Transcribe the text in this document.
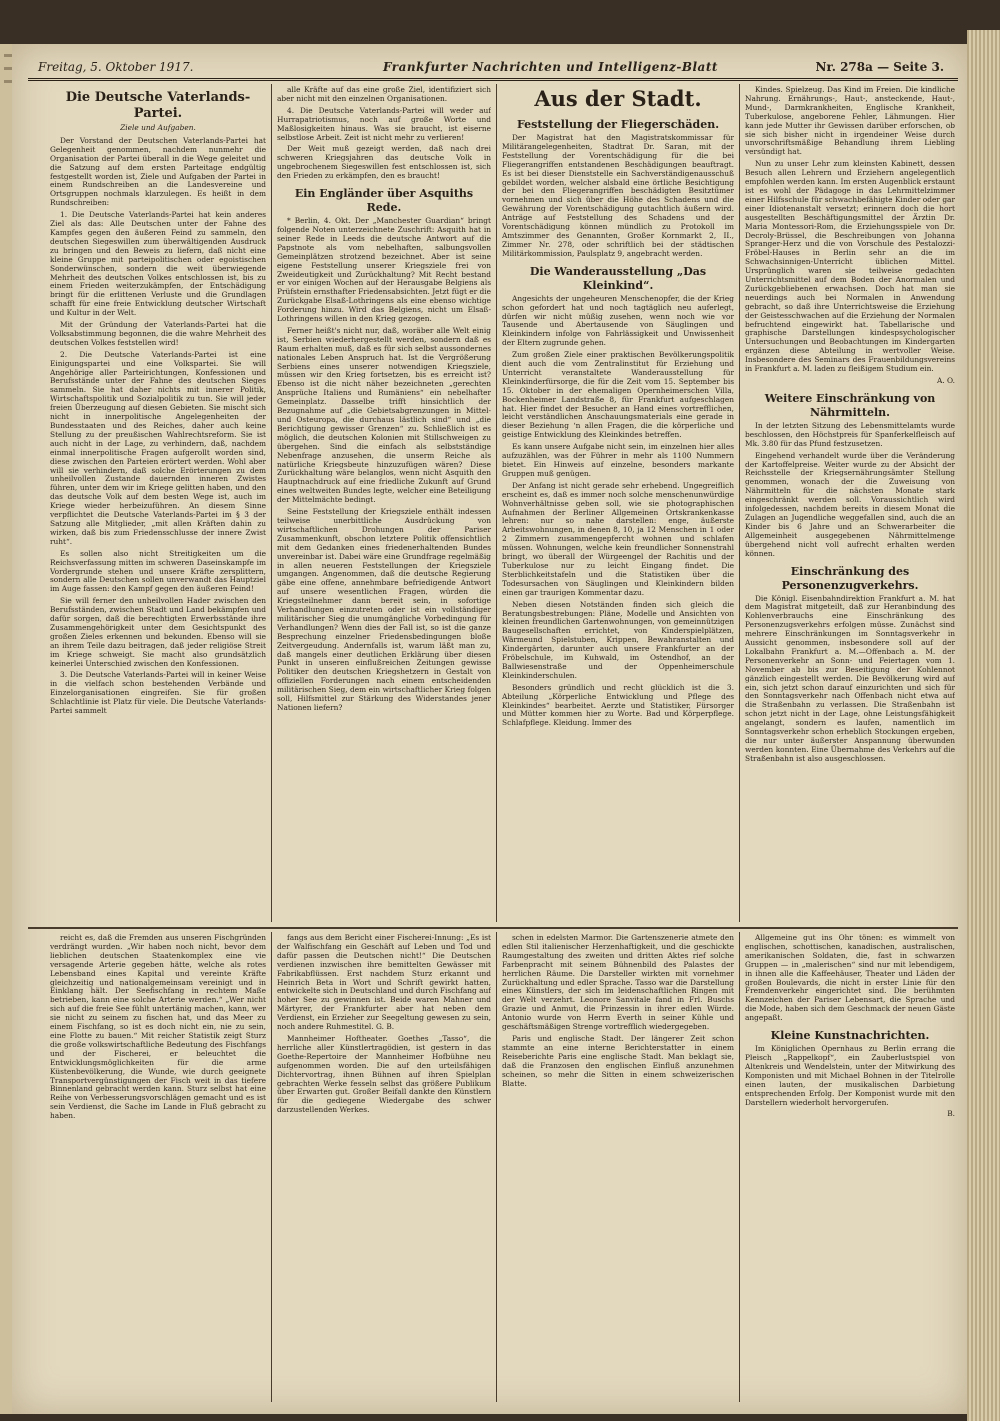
Freitag, 5. Oktober 1917.	Frankfurter Nachrichten und Intelligenz-Blatt	Nr. 278a — Seite 3.
Die Deutsche Vaterlands-Partei.
Ziele und Aufgaben.

Der Vorstand der Deutschen Vaterlands-Partei hat Gelegenheit genommen, nachdem nunmehr die Organisation der Partei überall in die Wege geleitet und die Satzung auf dem ersten Parteitage endgültig festgestellt worden ist, Ziele und Aufgaben der Partei in einem Rundschreiben an die Landesvereine und Ortsgruppen nochmals klarzulegen. Es heißt in dem Rundschreiben:

1. Die Deutsche Vaterlands-Partei hat kein anderes Ziel als das: Alle Deutschen unter der Fahne des Kampfes gegen den äußeren Feind zu sammeln, den deutschen Siegeswillen zum überwältigenden Ausdruck zu bringen und den Beweis zu liefern, daß nicht eine kleine Gruppe mit parteipolitischen oder egoistischen Sonderwünschen, sondern die weit überwiegende Mehrheit des deutschen Volkes entschlossen ist, bis zu einem Frieden weiterzukämpfen, der Entschädigung bringt für die erlittenen Verluste und die Grundlagen schafft für eine freie Entwicklung deutscher Wirtschaft und Kultur in der Welt.

Mit der Gründung der Vaterlands-Partei hat die Volksabstimmung begonnen, die die wahre Mehrheit des deutschen Volkes feststellen wird!

2. Die Deutsche Vaterlands-Partei ist eine Einigungspartei und eine Volkspartei. Sie will Angehörige aller Parteirichtungen, Konfessionen und Berufsstände unter der Fahne des deutschen Sieges sammeln. Sie hat daher nichts mit innerer Politik, Wirtschaftspolitik und Sozialpolitik zu tun. Sie will jeder freien Überzeugung auf diesen Gebieten. Sie mischt sich nicht in innerpolitische Angelegenheiten der Bundesstaaten und des Reiches, daher auch keine Stellung zu der preußischen Wahlrechtsreform. Sie ist auch nicht in der Lage, zu verhindern, daß, nachdem einmal innerpolitische Fragen aufgerollt worden sind, diese zwischen den Parteien erörtert werden. Wohl aber will sie verhindern, daß solche Erörterungen zu dem unheilvollen Zustande dauernden inneren Zwistes führen, unter dem wir im Kriege gelitten haben, und den das deutsche Volk auf dem besten Wege ist, auch im Kriege wieder herbeizuführen. An diesem Sinne verpflichtet die Deutsche Vaterlands-Partei im § 3 der Satzung alle Mitglieder, „mit allen Kräften dahin zu wirken, daß bis zum Friedensschlusse der innere Zwist ruht“.

Es sollen also nicht Streitigkeiten um die Reichsverfassung mitten im schweren Daseinskampfe im Vordergrunde stehen und unsere Kräfte zersplittern, sondern alle Deutschen sollen unverwandt das Hauptziel im Auge fassen: den Kampf gegen den äußeren Feind!

Sie will ferner den unheilvollen Hader zwischen den Berufsständen, zwischen Stadt und Land bekämpfen und dafür sorgen, daß die berechtigten Erwerbsstände ihre Zusammengehörigkeit unter dem Gesichtspunkt des großen Zieles erkennen und bekunden. Ebenso will sie an ihrem Teile dazu beitragen, daß jeder religiöse Streit im Kriege schweigt. Sie macht also grundsätzlich keinerlei Unterschied zwischen den Konfessionen.

3. Die Deutsche Vaterlands-Partei will in keiner Weise in die vielfach schon bestehenden Verbände und Einzelorganisationen eingreifen. Sie für großen Schlachtlinie ist Platz für viele. Die Deutsche Vaterlands-Partei sammelt

alle Kräfte auf das eine große Ziel, identifiziert sich aber nicht mit den einzelnen Organisationen.

4. Die Deutsche Vaterlands-Partei will weder auf Hurrapatriotismus, noch auf große Worte und Maßlosigkeiten hinaus. Was sie braucht, ist eiserne selbstlose Arbeit. Zeit ist nicht mehr zu verlieren!

Der Weit muß gezeigt werden, daß nach drei schweren Kriegsjahren das deutsche Volk in ungebrochenem Siegeswillen fest entschlossen ist, sich den Frieden zu erkämpfen, den es braucht!

Ein Engländer über Asquiths Rede.

* Berlin, 4. Okt. Der „Manchester Guardian“ bringt folgende Noten unterzeichnete Zuschrift: Asquith hat in seiner Rede in Leeds die deutsche Antwort auf die Papstnote als vom nebelhaften, salbungsvollen Gemeinplätzen strotzend bezeichnet. Aber ist seine eigene Feststellung unserer Kriegsziele frei von Zweideutigkeit und Zurückhaltung? Mit Recht bestand er vor einigen Wochen auf der Herausgabe Belgiens als Prüfstein ernsthafter Friedensabsichten. Jetzt fügt er die Zurückgabe Elsaß-Lothringens als eine ebenso wichtige Forderung hinzu. Wird das Belgiens, nicht um Elsaß-Lothringens willen in den Krieg gezogen.

Ferner heißt's nicht nur, daß, woräber alle Welt einig ist, Serbien wiederhergestellt werden, sondern daß es Raum erhalten muß, daß es für sich selbst aussondernes nationales Leben Anspruch hat. Ist die Vergrößerung Serbiens eines unserer notwendigen Kriegsziele, müssen wir den Krieg fortsetzen, bis es erreicht ist? Ebenso ist die nicht näher bezeichneten „gerechten Ansprüche Italiens und Rumäniens“ ein nebelhafter Gemeinplatz. Dasselbe trifft hinsichtlich der Bezugnahme auf „die Gebietsabgrenzungen in Mittel- und Osteuropa, die durchaus lästlich sind“ und „die Berichtigung gewisser Grenzen“ zu. Schließlich ist es möglich, die deutschen Kolonien mit Stillschweigen zu übergehen. Sind die einfach als selbstständige Nebenfrage anzusehen, die unserm Reiche als natürliche Kriegsbeute hinzuzufügen wären? Diese Zurückhaltung wäre belanglos, wenn nicht Asquith den Hauptnachdruck auf eine friedliche Zukunft auf Grund eines weltweiten Bundes legte, welcher eine Beteiligung der Mittelmächte bedingt.

Seine Feststellung der Kriegsziele enthält indessen teilweise unerbittliche Ausdrückung von wirtschaftlichen Drohungen der Pariser Zusammenkunft, obschon letztere Politik offensichtlich mit dem Gedanken eines friedenerhaltenden Bundes unvereinbar ist. Dabei wäre eine Grundfrage regelmäßig in allen neueren Feststellungen der Kriegsziele umgangen. Angenommen, daß die deutsche Regierung gäbe eine offene, annehmbare befriedigende Antwort auf unsere wesentlichen Fragen, würden die Kriegsteilnehmer dann bereit sein, in sofortige Verhandlungen einzutreten oder ist ein vollständiger militärischer Sieg die unumgängliche Vorbedingung für Verhandlungen? Wenn dies der Fall ist, so ist die ganze Besprechung einzelner Friedensbedingungen bloße Zeitvergeudung. Andernfalls ist, warum läßt man zu, daß mangels einer deutlichen Erklärung über diesen Punkt in unseren einflußreichen Zeitungen gewisse Politiker den deutschen Kriegshetzern in Gestalt von offiziellen Forderungen nach einem entscheidenden militärischen Sieg, dem ein wirtschaftlicher Krieg folgen soll, Hilfsmittel zur Stärkung des Widerstandes jener Nationen liefern?

Aus der Stadt.
Feststellung der Fliegerschäden.

Der Magistrat hat den Magistratskommissar für Militärangelegenheiten, Stadtrat Dr. Saran, mit der Feststellung der Vorentschädigung für die bei Fliegerangriffen entstandenen Beschädigungen beauftragt. Es ist bei dieser Dienststelle ein Sachverständigenausschuß gebildet worden, welcher alsbald eine örtliche Besichtigung der bei den Fliegerangriffen beschädigten Besitztümer vornehmen und sich über die Höhe des Schadens und die Gewährung der Vorentschädigung gutachtlich äußern wird. Anträge auf Feststellung des Schadens und der Vorentschädigung können mündlich zu Protokoll im Amtszimmer des Genannten, Großer Kornmarkt 2, II., Zimmer Nr. 278, oder schriftlich bei der städtischen Militärkommission, Paulsplatz 9, angebracht werden.

Die Wanderausstellung „Das Kleinkind“.

Angesichts der ungeheuren Menschenopfer, die der Krieg schon gefordert hat und noch tagtäglich neu auferlegt, dürfen wir nicht müßig zusehen, wenn noch wie vor Tausende und Abertausende von Säuglingen und Kleinkindern infolge von Fahrlässigkeit und Unwissenheit der Eltern zugrunde gehen.

Zum großen Ziele einer praktischen Bevölkerungspolitik dient auch die vom Zentralinstitut für Erziehung und Unterricht veranstaltete Wanderausstellung für Kleinkinderfürsorge, die für die Zeit vom 15. September bis 15. Oktober in der ehemaligen Opernheimerschen Villa, Bockenheimer Landstraße 8, für Frankfurt aufgeschlagen hat. Hier findet der Besucher an Hand eines vortrefflichen, leicht verständlichen Anschauungsmaterials eine gerade in dieser Beziehung ‘n allen Fragen, die die körperliche und geistige Entwicklung des Kleinkindes betreffen.

Es kann unsere Aufgabe nicht sein, im einzelnen hier alles aufzuzählen, was der Führer in mehr als 1100 Nummern bietet. Ein Hinweis auf einzelne, besonders markante Gruppen muß genügen.

Der Anfang ist nicht gerade sehr erhebend. Ungegreiflich erscheint es, daß es immer noch solche menschenunwürdige Wohnverhältnisse geben soll, wie sie photographischen Aufnahmen der Berliner Allgemeinen Ortskrankenkasse lehren: nur so nahe darstellen: enge, äußerste Arbeitswohnungen, in denen 8, 10, ja 12 Menschen in 1 oder 2 Zimmern zusammengepfercht wohnen und schlafen müssen. Wohnungen, welche kein freundlicher Sonnenstrahl bringt, wo überall der Würgeengel der Rachitis und der Tuberkulose nur zu leicht Eingang findet. Die Sterblichkeitstafeln und die Statistiken über die Todesursachen von Säuglingen und Kleinkindern bilden einen gar traurigen Kommentar dazu.

Neben diesen Notständen finden sich gleich die Beratungsbestrebungen: Pläne, Modelle und Ansichten von kleinen freundlichen Gartenwohnungen, von gemeinnützigen Baugesellschaften errichtet, von Kinderspielplätzen, Wärmeund Spielstuben, Krippen, Bewahranstalten und Kindergärten, darunter auch unsere Frankfurter an der Fröbelschule, im Kuhwald, im Ostendhof, an der Ballwiesenstraße und der Oppenheimerschule Kleinkinderschulen.

Besonders gründlich und recht glücklich ist die 3. Abteilung „Körperliche Entwicklung und Pflege des Kleinkindes“ bearbeitet. Aerzte und Statistiker, Fürsorger und Mütter kommen hier zu Worte. Bad und Körperpflege. Schlafpflege. Kleidung. Immer des

Kindes. Spielzeug. Das Kind im Freien. Die kindliche Nahrung. Ernährungs-, Haut-, ansteckende, Haut-, Mund-, Darmkrankheiten, Englische Krankheit, Tuberkulose, angeborene Fehler, Lähmungen. Hier kann jede Mutter ihr Gewissen darüber erforschen, ob sie sich bisher nicht in irgendeiner Weise durch unvorschriftsmäßige Behandlung ihrem Liebling versündigt hat.

Nun zu unser Lehr zum kleinsten Kabinett, dessen Besuch allen Lehrern und Erziehern angelegentlich empfohlen werden kann. Im ersten Augenblick erstaunt ist es wohl der Pädagoge in das Lehrmittelzimmer einer Hilfsschule für schwachbefähigte Kinder oder gar einer Idiotenanstalt versetzt; erinnern doch die hort ausgestellten Beschäftigungsmittel der Ärztin Dr. Maria Montessori-Rom, die Erziehungsspiele von Dr. Decroly-Brüssel, die Beschreibungen von Johanna Spranger-Herz und die von Vorschule des Pestalozzi-Fröbel-Hauses in Berlin sehr an die im Schwachsinnigen-Unterricht üblichen Mittel. Ursprünglich waren sie teilweise gedachten Unterrichtsmittel auf dem Boden der Anormalen und Zurückgebliebenen erwachsen. Doch hat man sie neuerdings auch bei Normalen in Anwendung gebracht, so daß ihre Unterrichtsweise die Erziehung der Geistesschwachen auf die Erziehung der Normalen befruchtend eingewirkt hat. Tabellarische und graphische Darstellungen kindespsychologischer Untersuchungen und Beobachtungen im Kindergarten ergänzen diese Abteilung in wertvoller Weise. Insbesondere des Seminars des Frauenbildungsvereins in Frankfurt a. M. laden zu fleißigem Studium ein.

A. O.
Weitere Einschränkung von Nährmitteln.

In der letzten Sitzung des Lebensmittelamts wurde beschlossen, den Höchstpreis für Spanferkelfleisch auf Mk. 3.80 für das Pfund festzusetzen.

Eingehend verhandelt wurde über die Veränderung der Kartoffelpreise. Weiter wurde zu der Absicht der Reichsstelle der Kriegsernährungsämter Stellung genommen, wonach der die Zuweisung von Nährmitteln für die nächsten Monate stark eingeschränkt werden soll. Voraussichtlich wird infolgedessen, nachdem bereits in diesem Monat die Zulagen an Jugendliche weggefallen sind, auch die an Kinder bis 6 Jahre und an Schwerarbeiter die Allgemeinheit ausgegebenen Nährmittelmenge übergehend nicht voll aufrecht erhalten werden können.

Einschränkung des Personenzugverkehrs.

Die Königl. Eisenbahndirektion Frankfurt a. M. hat dem Magistrat mitgeteilt, daß zur Heranbindung des Kohlenverbrauchs eine Einschränkung des Personenzugsverkehrs erfolgen müsse. Zunächst sind mehrere Einschränkungen im Sonntagsverkehr in Aussicht genommen, insbesondere soll auf der Lokalbahn Frankfurt a. M.—Offenbach a. M. der Personenverkehr an Sonn- und Feiertagen vom 1. November ab bis zur Beseitigung der Kohlennot gänzlich eingestellt werden. Die Bevölkerung wird auf ein, sich jetzt schon darauf einzurichten und sich für den Sonntagsverkehr nach Offenbach nicht etwa auf die Straßenbahn zu verlassen. Die Straßenbahn ist schon jetzt nicht in der Lage, ohne Leistungsfähigkeit angelangt, sondern es laufen, namentlich im Sonntagsverkehr schon erheblich Stockungen ergeben, die nur unter äußerster Anspannung überwunden werden konnten. Eine Übernahme des Verkehrs auf die Straßenbahn ist also ausgeschlossen.

reicht es, daß die Fremden aus unseren Fischgründen verdrängt wurden. „Wir haben noch nicht, bevor dem lieblichen deutschen Staatenkomplex eine vie versagende Arterie gegeben hätte, welche als rotes Lebensband eines Kapital und vereinte Kräfte gleichzeitig und nationalgemeinsam vereinigt und in Einklang hält. Der Seefischfang in rechtem Maße betrieben, kann eine solche Arterie werden.“ „Wer nicht sich auf die freie See fühlt untertänig machen, kann, wer sie nicht zu seinem zu fischen hat, und das Meer zu einem Fischfang, so ist es doch nicht ein, nie zu sein, eine Flotte zu bauen.“ Mit reicher Statistik zeigt Sturz die große volkswirtschaftliche Bedeutung des Fischfangs und der Fischerei, er beleuchtet die Entwicklungsmöglichkeiten für die arme Küstenbevölkerung, die Wunde, wie durch geeignete Transportvergünstigungen der Fisch weit in das tiefere Binnenland gebracht werden kann. Sturz selbst hat eine Reihe von Verbesserungsvorschlägen gemacht und es ist sein Verdienst, die Sache im Lande in Fluß gebracht zu haben.

fangs aus dem Bericht einer Fischerei-Innung: „Es ist der Walfischfang ein Geschäft auf Leben und Tod und dafür passen die Deutschen nicht!“ Die Deutschen verdienen inzwischen ihre bemittelten Gewässer mit Fabrikabflüssen. Erst nachdem Sturz erkannt und Heinrich Beta in Wort und Schrift gewirkt hatten, entwickelte sich in Deutschland und durch Fischfang auf hoher See zu gewinnen ist. Beide waren Mahner und Märtyrer, der Frankfurter aber hat neben dem Verdienst, ein Erzieher zur Seegeltung gewesen zu sein, noch andere Ruhmestitel. G. B.

Mannheimer Hoftheater. Goethes „Tasso“, die herrliche aller Künstlertragödien, ist gestern in das Goethe-Repertoire der Mannheimer Hofbühne neu aufgenommen worden. Die auf den urteilsfähigen Dichtervortrag, ihnen Bühnen auf ihren Spielplan gebrachten Werke fesseln selbst das größere Publikum über Erwarten gut. Großer Beifall dankte den Künstlern für die gediegene Wiedergabe des schwer darzustellenden Werkes.

schen in edelsten Marmor. Die Gartenszenerie atmete den edlen Stil italienischer Herzenhaftigkeit, und die geschickte Raumgestaltung des zweiten und dritten Aktes rief solche Farbenpracht mit seinem Bühnenbild des Palastes der herrlichen Räume. Die Darsteller wirkten mit vornehmer Zurückhaltung und edler Sprache. Tasso war die Darstellung eines Künstlers, der sich im leidenschaftlichen Ringen mit der Welt verzehrt. Leonore Sanvitale fand in Frl. Buschs Grazie und Anmut, die Prinzessin in ihrer edlen Würde. Antonio wurde von Herrn Everth in seiner Kühle und geschäftsmäßigen Strenge vortrefflich wiedergegeben.

Paris und englische Stadt. Der längerer Zeit schon stammte an eine interne Berichterstatter in einem Reiseberichte Paris eine englische Stadt. Man beklagt sie, daß die Franzosen den englischen Einfluß anzunehmen scheinen, so mehr die Sitten in einem schweizerischen Blatte.

Allgemeine gut ins Ohr tönen: es wimmelt von englischen, schottischen, kanadischen, australischen, amerikanischen Soldaten, die, fast in schwarzen Gruppen — in „malerischen“ sind nur mit lebendigem, in ihnen alle die Kaffeehäuser, Theater und Läden der großen Boulevards, die nicht in erster Linie für den Fremdenverkehr eingerichtet sind. Die berühmten Kennzeichen der Pariser Lebensart, die Sprache und die Mode, haben sich dem Geschmack der neuen Gäste angepaßt.

Kleine Kunstnachrichten.

Im Königlichen Opernhaus zu Berlin errang die Pleisch „Rappelkopf“, ein Zauberlustspiel von Altenkreis und Wendelstein, unter der Mitwirkung des Komponisten und mit Michael Bohnen in der Titelrolle einen lauten, der musikalischen Darbietung entsprechenden Erfolg. Der Komponist wurde mit den Darstellern wiederholt hervorgerufen.

B.
